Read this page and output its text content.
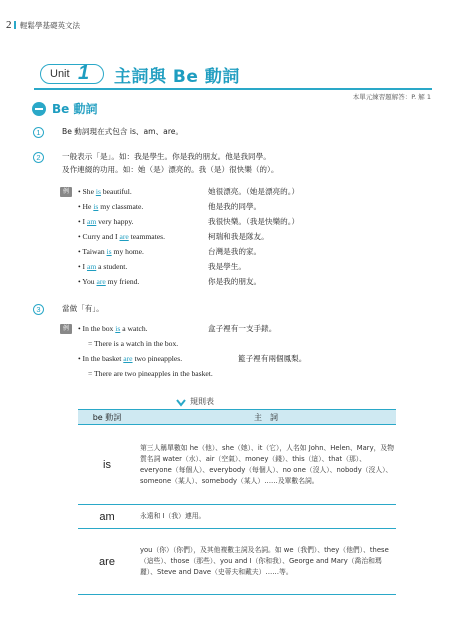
2 輕鬆學基礎英文法
Unit 1 主詞與 Be 動詞
本單元練習題解答：P. 解 1
Be 動詞
1	Be 動詞現在式包含 is、am、are。
2	一般表示「是」。如：我是學生。你是我的朋友。他是我同學。
及作連綴的功用。如：她（是）漂亮的。我（是）很快樂（的）。
例	• She is beautiful.	她很漂亮。（她是漂亮的。）
• He is my classmate.	他是我的同學。
• I am very happy.	我很快樂。（我是快樂的。）
• Curry and I are teammates.	柯瑞和我是隊友。
• Taiwan is my home.	台灣是我的家。
• I am a student.	我是學生。
• You are my friend.	你是我的朋友。
3	當做「有」。
例	• In the box is a watch.	盒子裡有一支手錶。
= There is a watch in the box.
• In the basket are two pineapples.	籃子裡有兩個鳳梨。
= There are two pineapples in the basket.
規則表
be 動詞	主　詞
is	第三人稱單數如 he（他）、she（她）、it（它），人名如 John、Helen、Mary，及物質名詞 water（水）、air（空氣）、money（錢）、this（這）、that（那）、everyone（每個人）、everybody（每個人）、no one（沒人）、nobody（沒人）、someone（某人）、somebody（某人）……及單數名詞。
am	永遠和 I（我）連用。
are	you（你）（你們），及其他複數主詞及名詞。如 we（我們）、they（他們）、these（這些）、those（那些）、you and I（你和我）、George and Mary（喬治和瑪麗）、Steve and Dave（史蒂夫和戴夫）……等。
